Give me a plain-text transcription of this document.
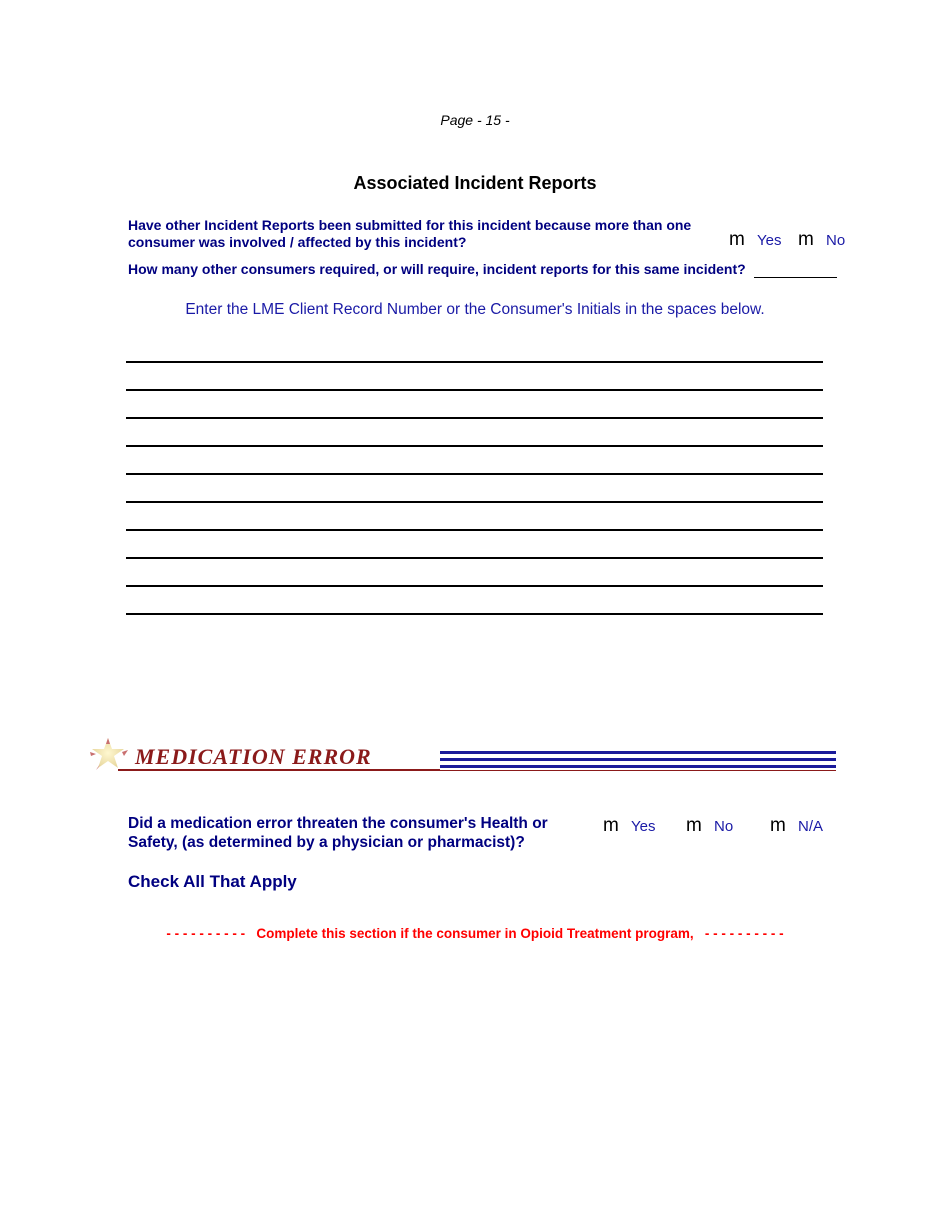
Page - 15 -
Associated Incident Reports
Have other Incident Reports been submitted for this incident because more than one
consumer was involved / affected by this incident?	m Yes m No
How many other consumers required, or will require, incident reports for this same incident?
Enter the LME Client Record Number or the Consumer's Initials in the spaces below.
MEDICATION ERROR
Did a medication error threaten the consumer's Health or
Safety, (as determined by a physician or pharmacist)?
m Yes m No m N/A
Check All That Apply
- - - - - - - - - -   Complete this section if the consumer in Opioid Treatment program,   - - - - - - - - - -
